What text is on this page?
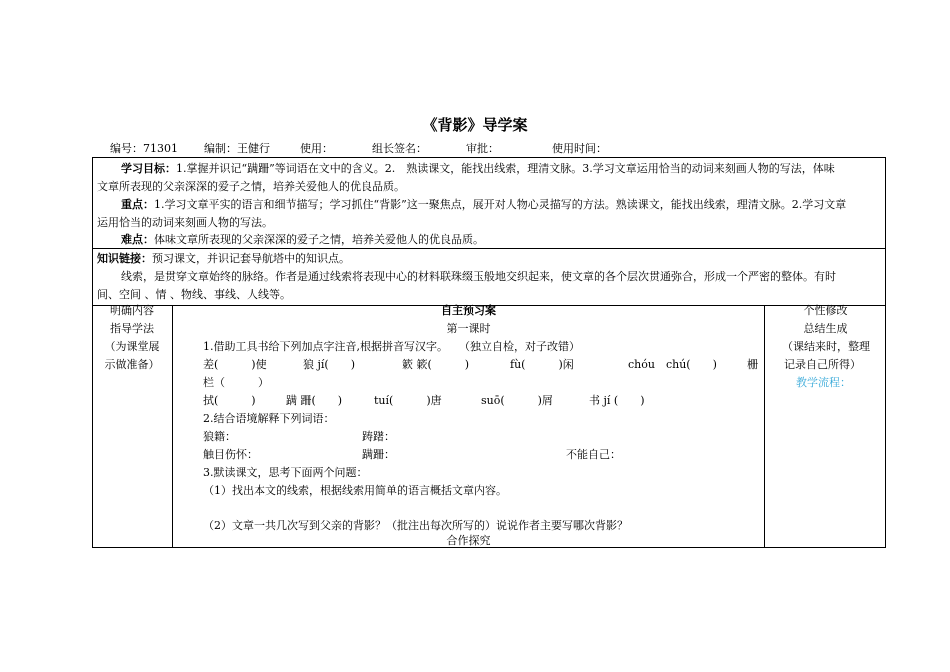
《背影》导学案
编号：71301 编制：王健行	使用：	组长签名：	审批：	使用时间：
学习目标：1.掌握并识记“蹒跚”等词语在文中的含义。2.　熟读课文，能找出线索，理清文脉。3.学习文章运用恰当的动词来刻画人物的写法，体味
文章所表现的父亲深深的爱子之情，培养关爱他人的优良品质。
重点：1.学习文章平实的语言和细节描写；学习抓住“背影”这一聚焦点，展开对人物心灵描写的方法。熟读课文，能找出线索，理清文脉。2.学习文章
运用恰当的动词来刻画人物的写法。
难点：体味文章所表现的父亲深深的爱子之情，培养关爱他人的优良品质。
知识链接：预习课文，并识记套导航塔中的知识点。
线索，是贯穿文章始终的脉络。作者是通过线索将表现中心的材料联珠缀玉般地交织起来，使文章的各个层次贯通弥合，形成一个严密的整体。有时
间、空间 、情 、物线、事线、人线等。
明确内容
指导学法
（为课堂展
示做准备）
个性修改
总结生成
（课结来时，整理
记录自己所得）
教学流程：
自主预习案
第一课时
1.借助工具书给下列加点字注音,根据拼音写汉字。　　（独立自检，对子改错）
差(　　　)使	狼 jí(　　)	簌 簌(　　　)	fù(　　　)闲	chóu　chú(　　)	栅
栏（　　　）
拭(　　　)	蹒 跚(　　)	tuí(　　　)唐	suō(　　　)屑	书 jí (　　)
2.结合语境解释下列词语：
狼籍：	踌躇：
触目伤怀：	蹒跚：	不能自己：
3.默读课文，思考下面两个问题：
（1）找出本文的线索，根据线索用简单的语言概括文章内容。
（2）文章一共几次写到父亲的背影？（批注出每次所写的）说说作者主要写哪次背影？
合作探究
